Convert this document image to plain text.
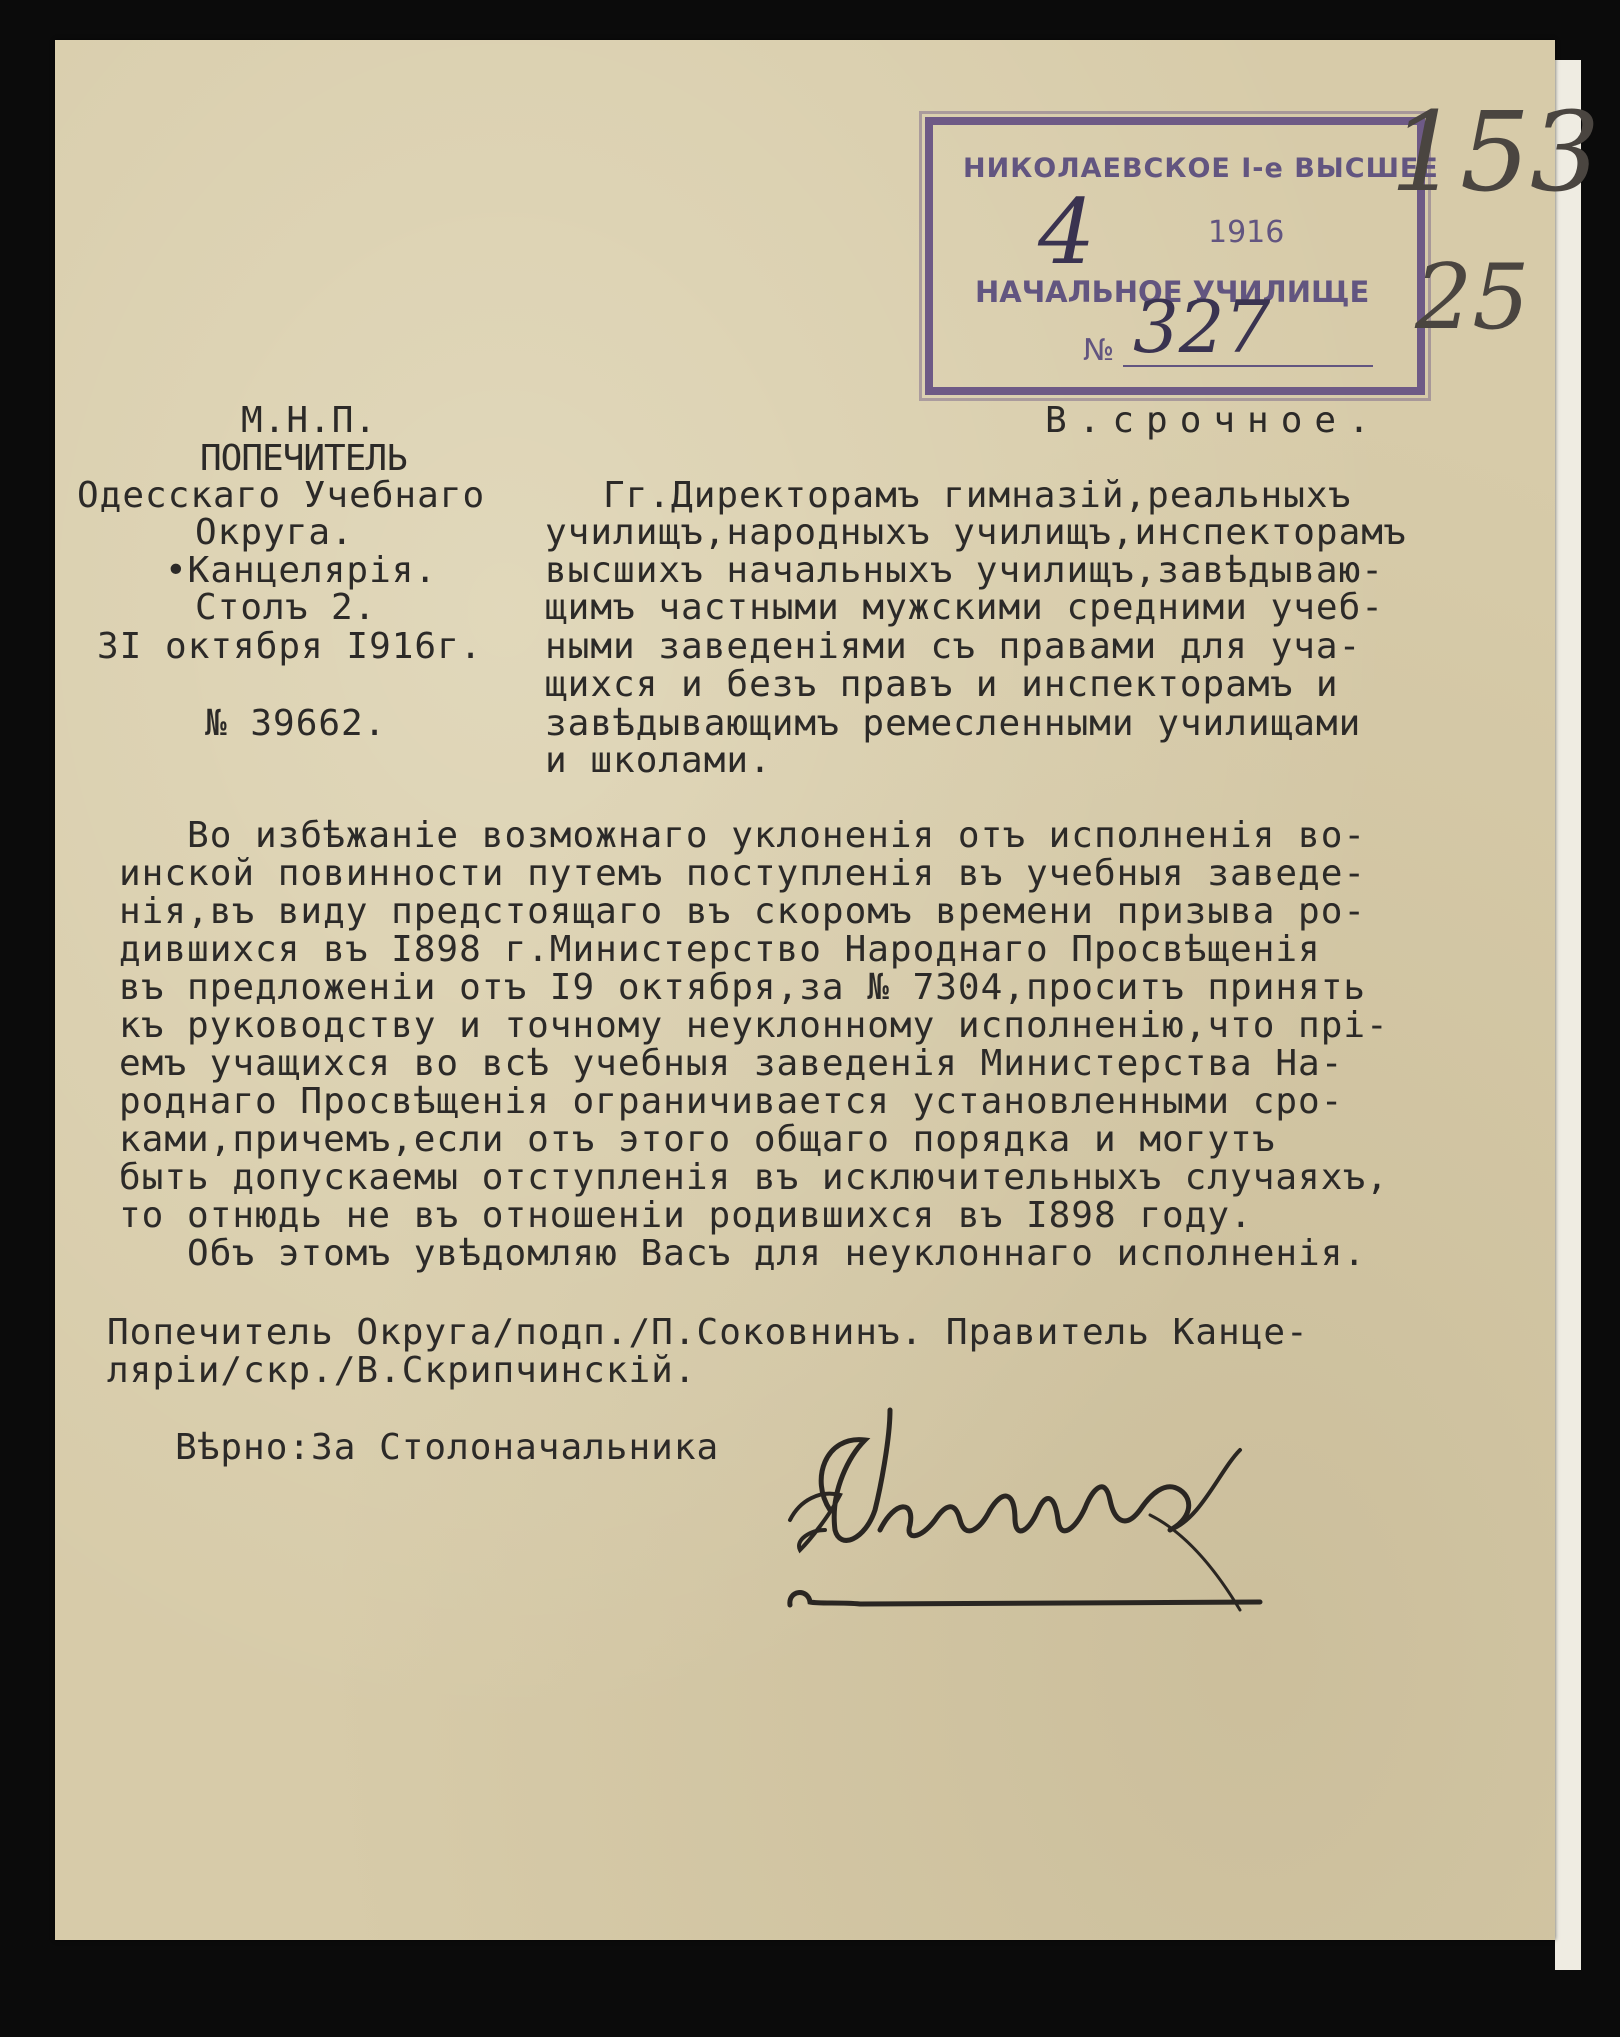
НИКОЛАЕВСКОЕ I-е ВЫСШЕЕ
1916
НАЧАЛЬНОЕ УЧИЛИЩЕ
№
4
327
153
25
М.Н.П.
ПОПЕЧИТЕЛЬ
Одесскаго Учебнаго
Округа.
•Канцелярія.
Столъ 2.
3I октября I916г.
№ 39662.
В.срочное.
Гг.Директорамъ гимназій,реальныхъ
училищъ,народныхъ училищъ,инспекторамъ
высшихъ начальныхъ училищъ,завѣдываю-
щимъ частными мужскими средними учеб-
ными заведеніями съ правами для уча-
щихся и безъ правъ и инспекторамъ и
завѣдывающимъ ремесленными училищами
и школами.
Во избѣжаніе возможнаго уклоненія отъ исполненія во-
инской повинности путемъ поступленія въ учебныя заведе-
нія,въ виду предстоящаго въ скоромъ времени призыва ро-
дившихся въ I898 г.Министерство Народнаго Просвѣщенія
въ предложеніи отъ I9 октября,за № 7304,проситъ принять
къ руководству и точному неуклонному исполненію,что прі-
емъ учащихся во всѣ учебныя заведенія Министерства На-
роднаго Просвѣщенія ограничивается установленными сро-
ками,причемъ,если отъ этого общаго порядка и могутъ
быть допускаемы отступленія въ исключительныхъ случаяхъ,
то отнюдь не въ отношеніи родившихся въ I898 году.
Объ этомъ увѣдомляю Васъ для неуклоннаго исполненія.
Попечитель Округа/подп./П.Соковнинъ. Правитель Канце-
ляріи/скр./В.Скрипчинскій.
Вѣрно:За Столоначальника
